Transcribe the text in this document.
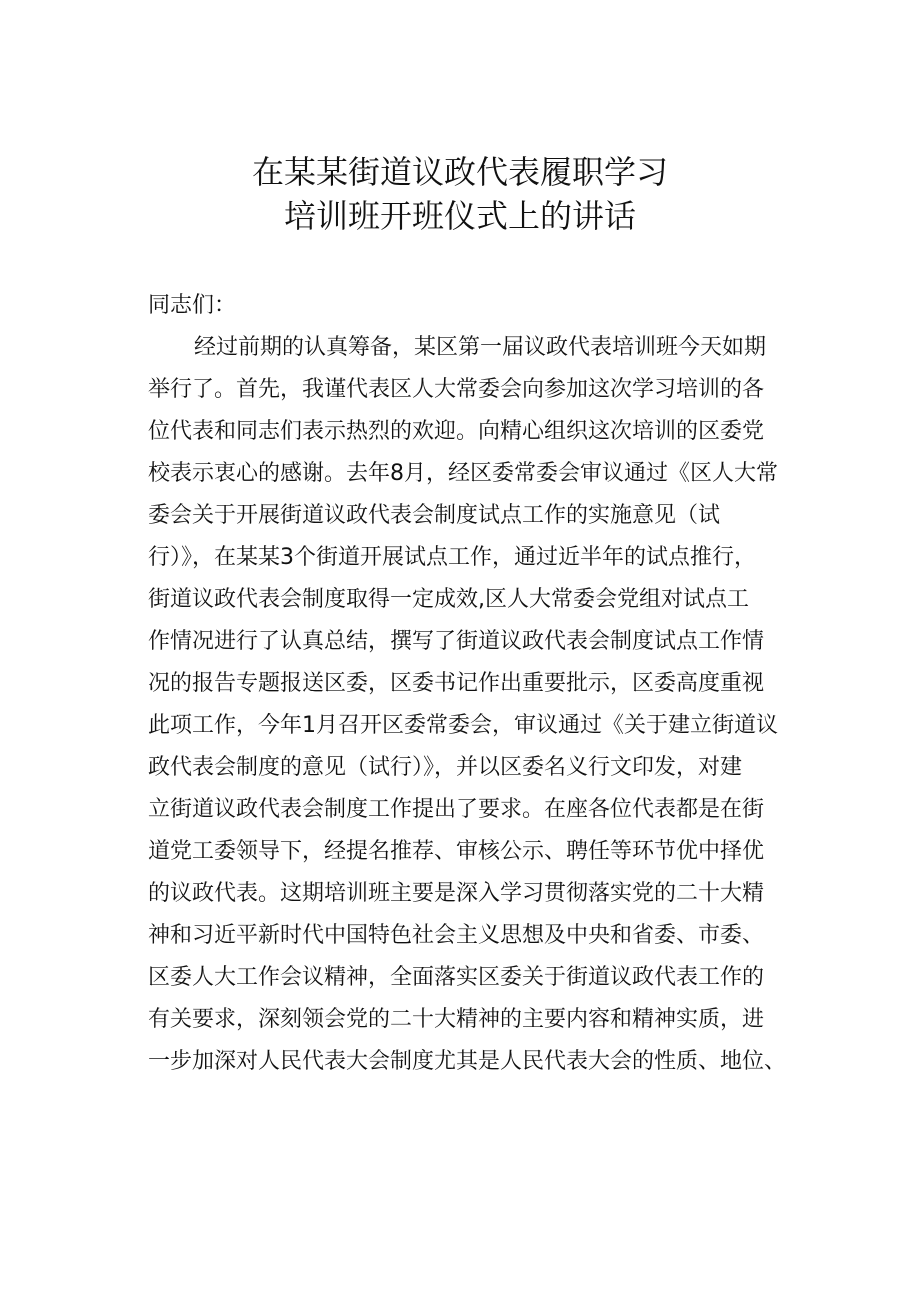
在某某街道议政代表履职学习
培训班开班仪式上的讲话
同志们：
经过前期的认真筹备，某区第一届议政代表培训班今天如期
举行了。首先，我谨代表区人大常委会向参加这次学习培训的各
位代表和同志们表示热烈的欢迎。向精心组织这次培训的区委党
校表示衷心的感谢。去年8月，经区委常委会审议通过《区人大常
委会关于开展街道议政代表会制度试点工作的实施意见（试
行）》，在某某3个街道开展试点工作，通过近半年的试点推行，
街道议政代表会制度取得一定成效,区人大常委会党组对试点工
作情况进行了认真总结，撰写了街道议政代表会制度试点工作情
况的报告专题报送区委，区委书记作出重要批示，区委高度重视
此项工作，今年1月召开区委常委会，审议通过《关于建立街道议
政代表会制度的意见（试行）》，并以区委名义行文印发，对建
立街道议政代表会制度工作提出了要求。在座各位代表都是在街
道党工委领导下，经提名推荐、审核公示、聘任等环节优中择优
的议政代表。这期培训班主要是深入学习贯彻落实党的二十大精
神和习近平新时代中国特色社会主义思想及中央和省委、市委、
区委人大工作会议精神，全面落实区委关于街道议政代表工作的
有关要求，深刻领会党的二十大精神的主要内容和精神实质，进
一步加深对人民代表大会制度尤其是人民代表大会的性质、地位、
